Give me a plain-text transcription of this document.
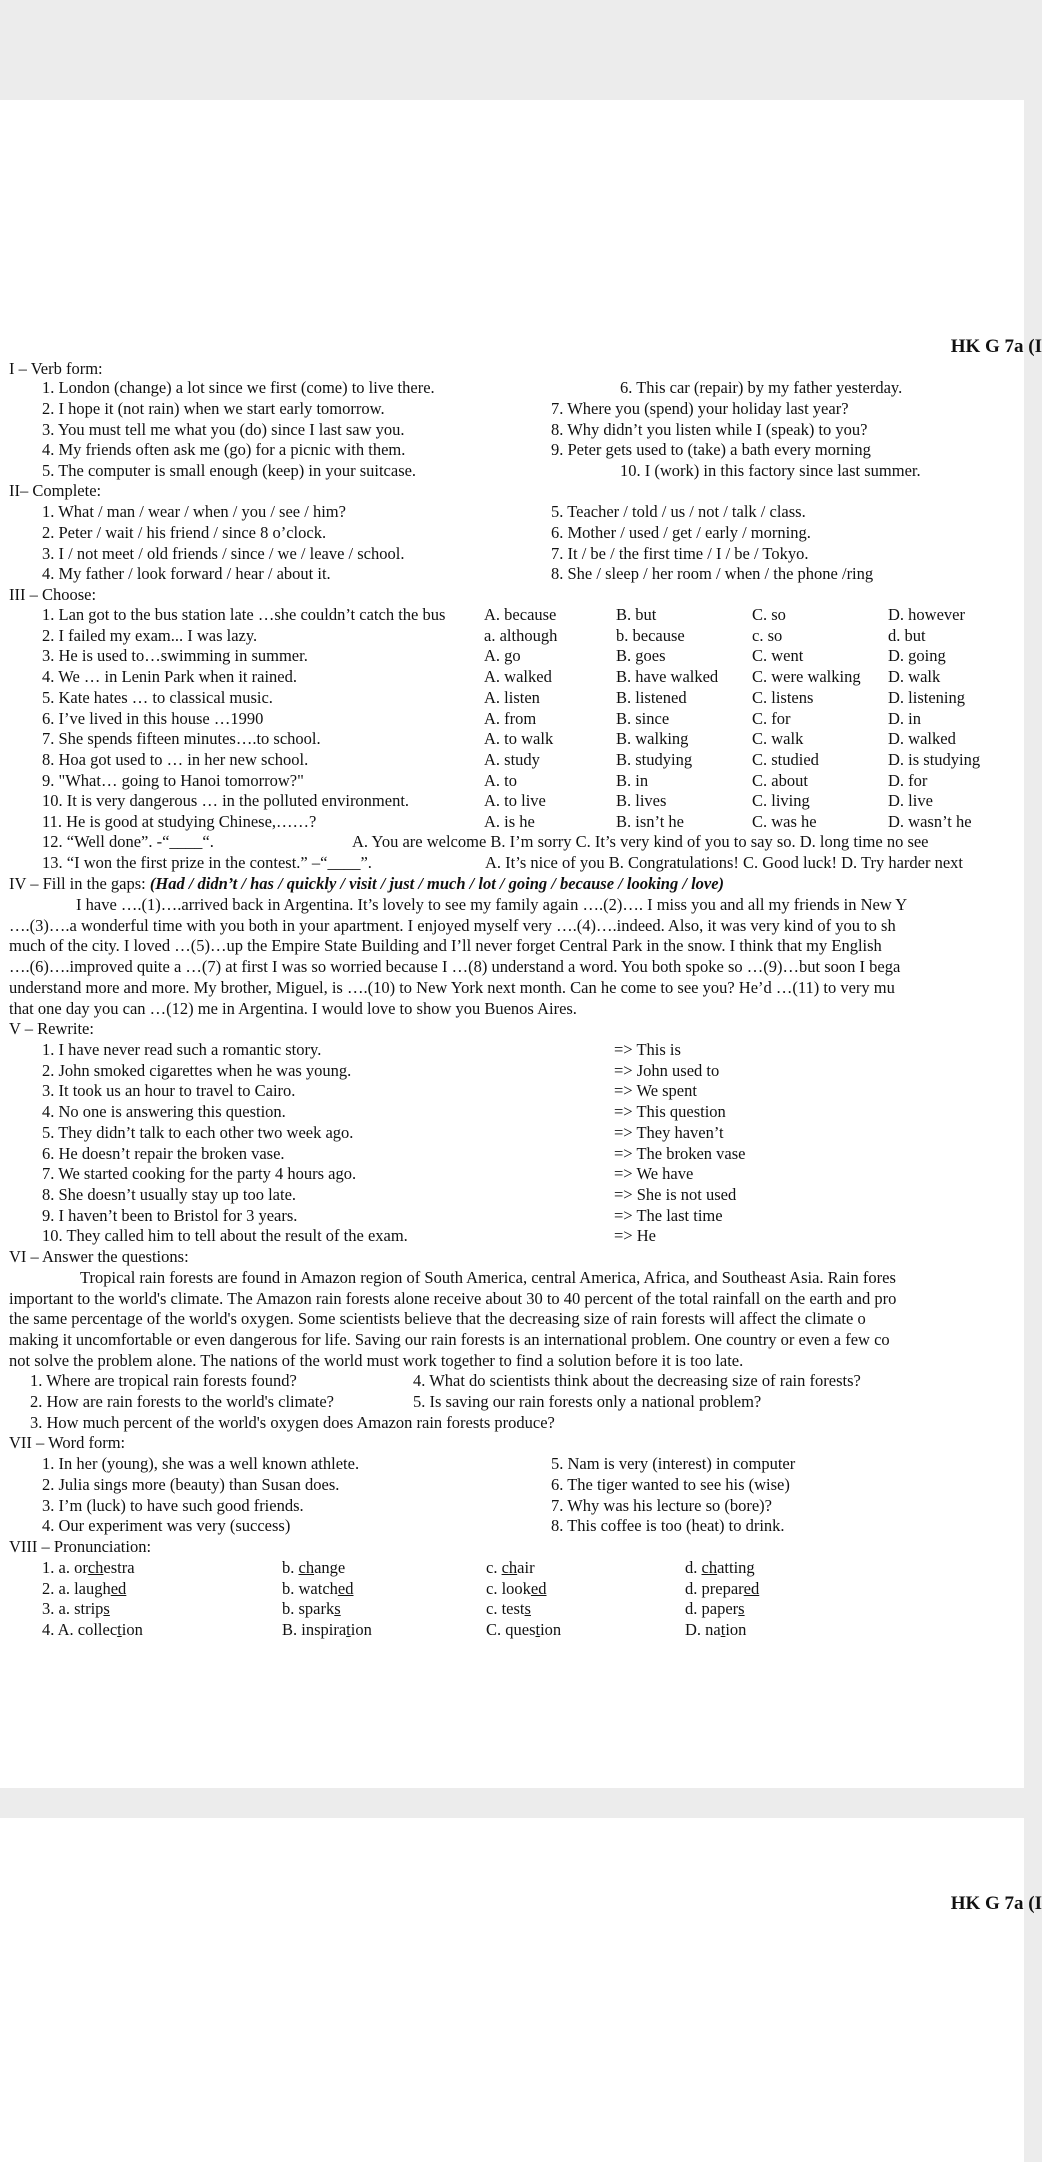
HK G 7a (I
I – Verb form:
1. London (change) a lot since we first (come) to live there.
2. I hope it (not rain) when we start early tomorrow.
3. You must tell me what you (do) since I last saw you.
4. My friends often ask me (go) for a picnic with them.
5. The computer is small enough (keep) in your suitcase.
6. This car (repair) by my father yesterday.
7. Where you (spend) your holiday last year?
8. Why didn’t you listen while I (speak) to you?
9. Peter gets used to (take) a bath every morning
10. I (work) in this factory since last summer.
II– Complete:
1. What / man / wear / when / you / see / him?
2. Peter / wait / his friend / since 8 o’clock.
3. I / not meet / old friends / since / we / leave / school.
4. My father / look forward / hear / about it.
5. Teacher / told / us / not / talk / class.
6. Mother / used / get / early / morning.
7. It / be / the first time / I / be / Tokyo.
8. She / sleep / her room / when / the phone /ring
III – Choose:
1. Lan got to the bus station late …she couldn’t catch the bus A. because	B. but	C. so	D. however
2. I failed my exam... I was lazy.	a. although	b. because	c. so	d. but
3. He is used to…swimming in summer.	A. go	B. goes	C. went	D. going
4. We … in Lenin Park when it rained.	A. walked	B. have walked C. were walking D. walk
5. Kate hates … to classical music.	A. listen	B. listened	C. listens	D. listening
6. I’ve lived in this house …1990	A. from	B. since	C. for	D. in
7. She spends fifteen minutes….to school.	A. to walk	B. walking	C. walk	D. walked
8. Hoa got used to … in her new school.	A. study	B. studying	C. studied	D. is studying
9. "What… going to Hanoi tomorrow?"	A. to	B. in	C. about	D. for
10. It is very dangerous … in the polluted environment.	A. to live	B. lives	C. living	D. live
11. He is good at studying Chinese,……?	A. is he	B. isn’t he	C. was he	D. wasn’t he
12. “Well done”. -“____“.	A. You are welcome B. I’m sorry C. It’s very kind of you to say so. D. long time no see
13. “I won the first prize in the contest.” –“____”.	A. It’s nice of you B. Congratulations! C. Good luck! D. Try harder next
IV – Fill in the gaps: (Had / didn’t / has / quickly / visit / just / much / lot / going / because / looking / love)
I have ….(1)….arrived back in Argentina. It’s lovely to see my family again ….(2)…. I miss you and all my friends in New Y
….(3)….a wonderful time with you both in your apartment. I enjoyed myself very ….(4)….indeed. Also, it was very kind of you to sh
much of the city. I loved …(5)…up the Empire State Building and I’ll never forget Central Park in the snow. I think that my English
….(6)….improved quite a …(7) at first I was so worried because I …(8) understand a word. You both spoke so …(9)…but soon I bega
understand more and more. My brother, Miguel, is ….(10) to New York next month. Can he come to see you? He’d …(11) to very mu
that one day you can …(12) me in Argentina. I would love to show you Buenos Aires.
V – Rewrite:
1. I have never read such a romantic story.	=> This is
2. John smoked cigarettes when he was young.	=> John used to
3. It took us an hour to travel to Cairo.	=> We spent
4. No one is answering this question.	=> This question
5. They didn’t talk to each other two week ago.	=> They haven’t
6. He doesn’t repair the broken vase.	=> The broken vase
7. We started cooking for the party 4 hours ago.	=> We have
8. She doesn’t usually stay up too late.	=> She is not used
9. I haven’t been to Bristol for 3 years.	=> The last time
10. They called him to tell about the result of the exam.	=> He
VI – Answer the questions:
Tropical rain forests are found in Amazon region of South America, central America, Africa, and Southeast Asia. Rain fores
important to the world's climate. The Amazon rain forests alone receive about 30 to 40 percent of the total rainfall on the earth and pro
the same percentage of the world's oxygen. Some scientists believe that the decreasing size of rain forests will affect the climate o
making it uncomfortable or even dangerous for life. Saving our rain forests is an international problem. One country or even a few co
not solve the problem alone. The nations of the world must work together to find a solution before it is too late.
1. Where are tropical rain forests found?	4. What do scientists think about the decreasing size of rain forests?
2. How are rain forests to the world's climate?	5. Is saving our rain forests only a national problem?
3. How much percent of the world's oxygen does Amazon rain forests produce?
VII – Word form:
1. In her (young), she was a well known athlete.
2. Julia sings more (beauty) than Susan does.
3. I’m (luck) to have such good friends.
4. Our experiment was very (success)
5. Nam is very (interest) in computer
6. The tiger wanted to see his (wise)
7. Why was his lecture so (bore)?
8. This coffee is too (heat) to drink.
VIII – Pronunciation:
1. a. orchestra	b. change	c. chair	d. chatting
2. a. laughed	b. watched	c. looked	d. prepared
3. a. strips	b. sparks	c. tests	d. papers
4. A. collection	B. inspiration	C. question	D. nation
HK G 7a (I
